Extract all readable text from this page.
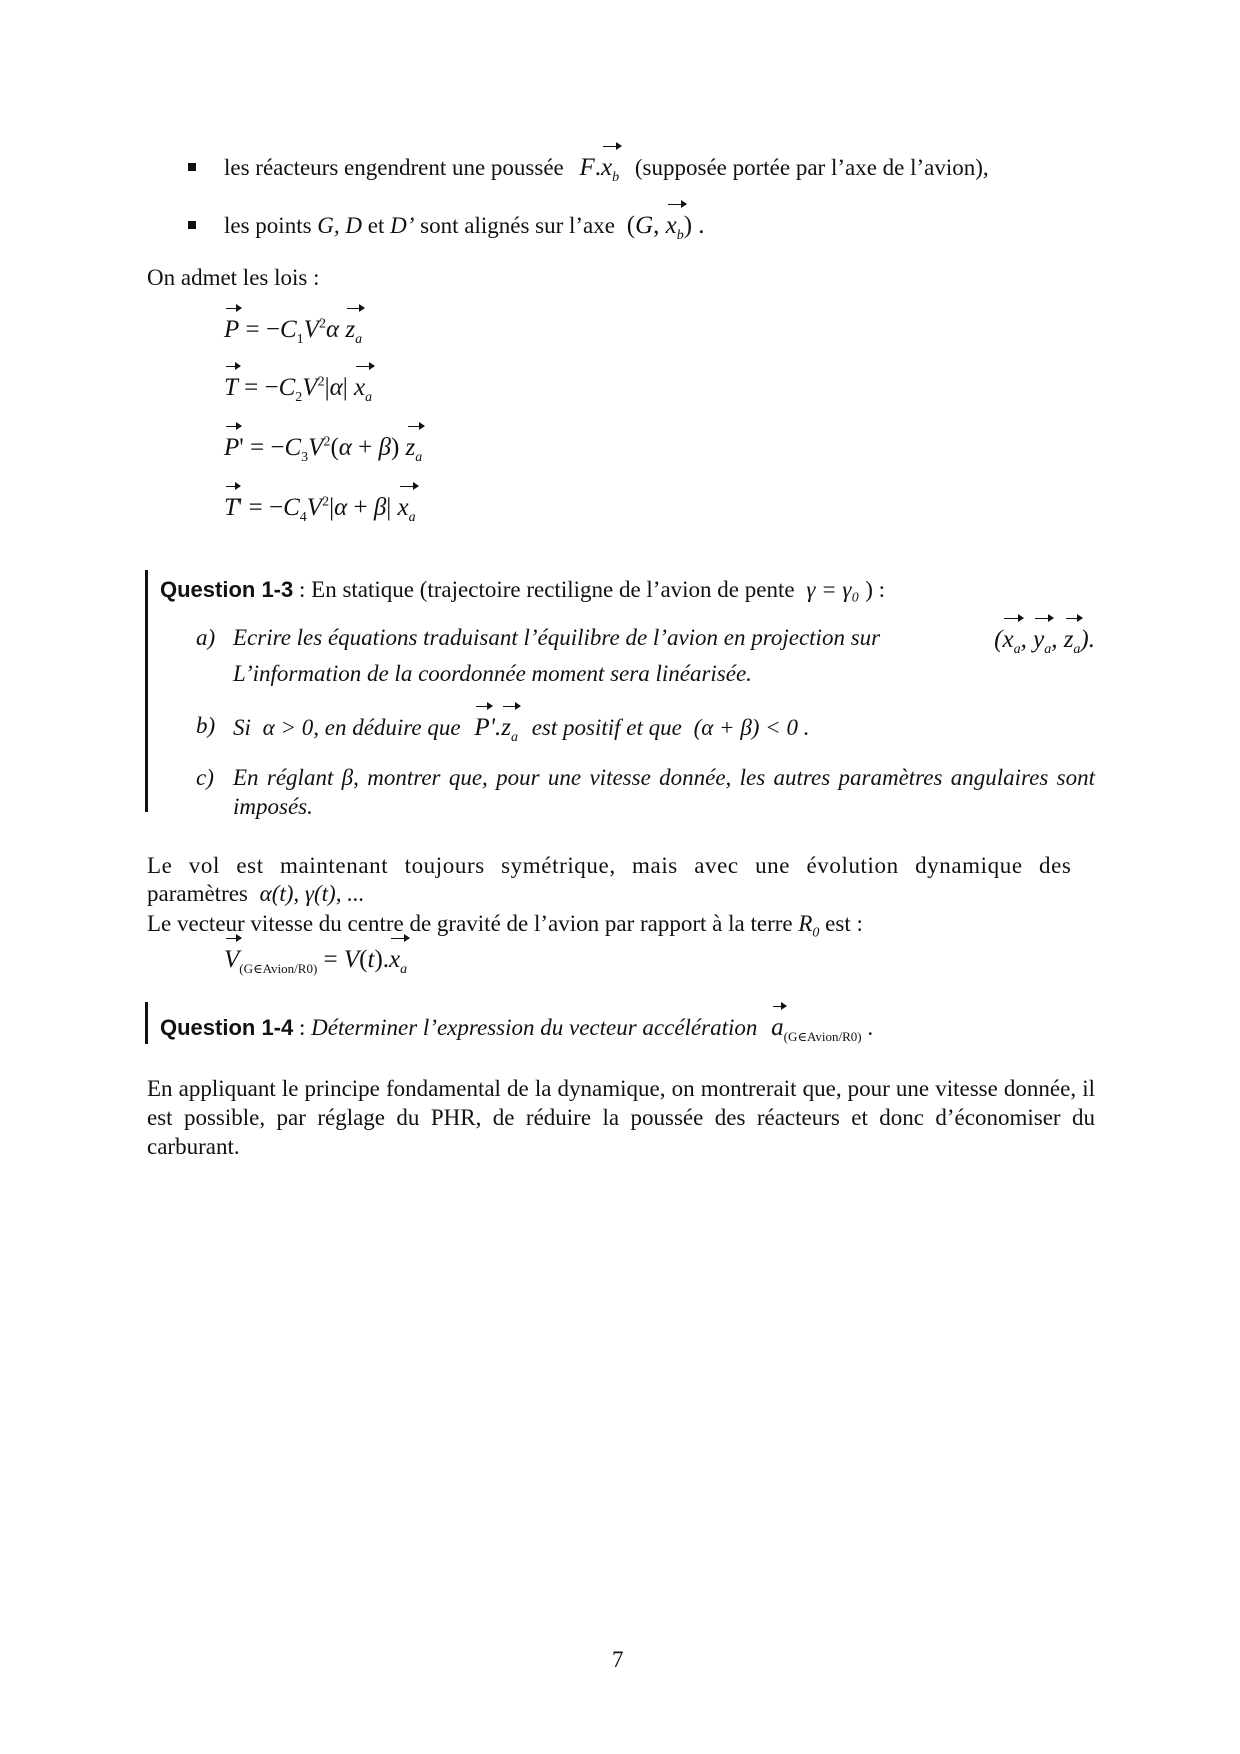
les réacteurs engendrent une poussée $F.x_b$ (supposée portée par l’axe de l’avion),
les points G, D et D’ sont alignés sur l’axe (G, $x_b$) .
On admet les lois :
$P = -C_1V^2\alpha$ $z_a$
$T = -C_2V^2|\alpha|$ $x_a$
$P' = -C_3V^2(\alpha + \beta)$ $z_a$
$T' = -C_4V^2|\alpha + \beta|$ $x_a$
Question 1-3 : En statique (trajectoire rectiligne de l’avion de pente γ = γ₀ ) :
a) Ecrire les équations traduisant l’équilibre de l’avion en projection sur	($x_a$, $y_a$, $z_a$).
L’information de la coordonnée moment sera linéarisée.
b) Si α > 0, en déduire que $P'.z_a$ est positif et que (α + β) < 0 .
c) En réglant β, montrer que, pour une vitesse donnée, les autres paramètres angulaires sont imposés.
Le vol est maintenant toujours symétrique, mais avec une évolution dynamique des
paramètres α(t), γ(t), ...
Le vecteur vitesse du centre de gravité de l’avion par rapport à la terre $R_0$ est :
$V_{(G\in Avion/R0)} = V(t).x_a$
Question 1-4 : Déterminer l’expression du vecteur accélération $a_{(G\in Avion/R0)}$ .
En appliquant le principe fondamental de la dynamique, on montrerait que, pour une vitesse donnée, il est possible, par réglage du PHR, de réduire la poussée des réacteurs et donc d’économiser du carburant.
7
